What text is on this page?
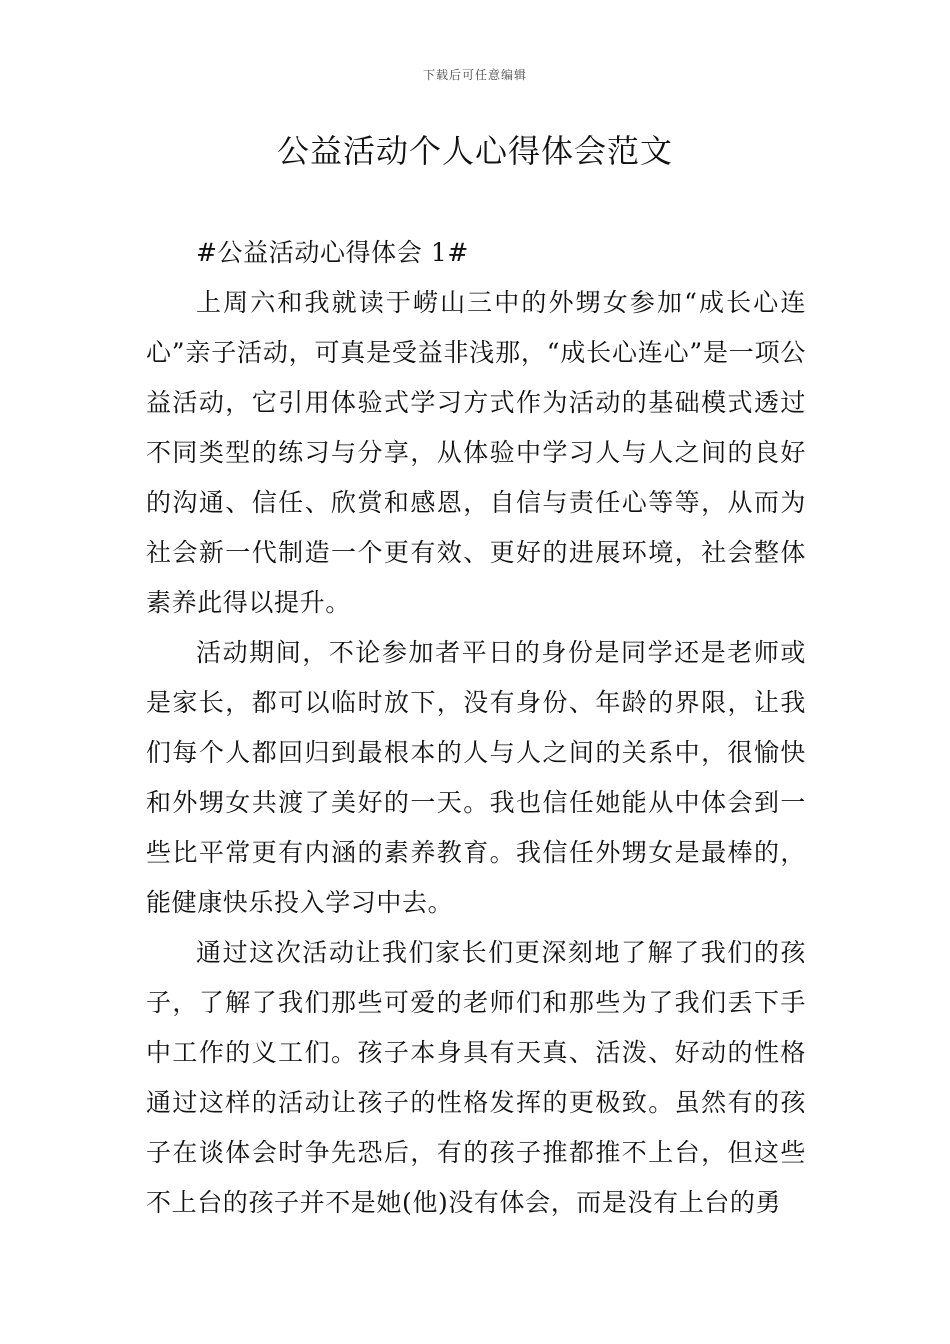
下载后可任意编辑
公益活动个人心得体会范文
#公益活动心得体会 1#

上周六和我就读于崂山三中的外甥女参加“成长心连心”亲子活动，可真是受益非浅那，“成长心连心”是一项公益活动，它引用体验式学习方式作为活动的基础模式透过不同类型的练习与分享，从体验中学习人与人之间的良好的沟通、信任、欣赏和感恩，自信与责任心等等，从而为社会新一代制造一个更有效、更好的进展环境，社会整体素养此得以提升。

活动期间，不论参加者平日的身份是同学还是老师或是家长，都可以临时放下，没有身份、年龄的界限，让我们每个人都回归到最根本的人与人之间的关系中，很愉快和外甥女共渡了美好的一天。我也信任她能从中体会到一些比平常更有内涵的素养教育。我信任外甥女是最棒的，能健康快乐投入学习中去。

通过这次活动让我们家长们更深刻地了解了我们的孩子，了解了我们那些可爱的老师们和那些为了我们丢下手中工作的义工们。孩子本身具有天真、活泼、好动的性格通过这样的活动让孩子的性格发挥的更极致。虽然有的孩子在谈体会时争先恐后，有的孩子推都推不上台，但这些不上台的孩子并不是她(他)没有体会，而是没有上台的勇
